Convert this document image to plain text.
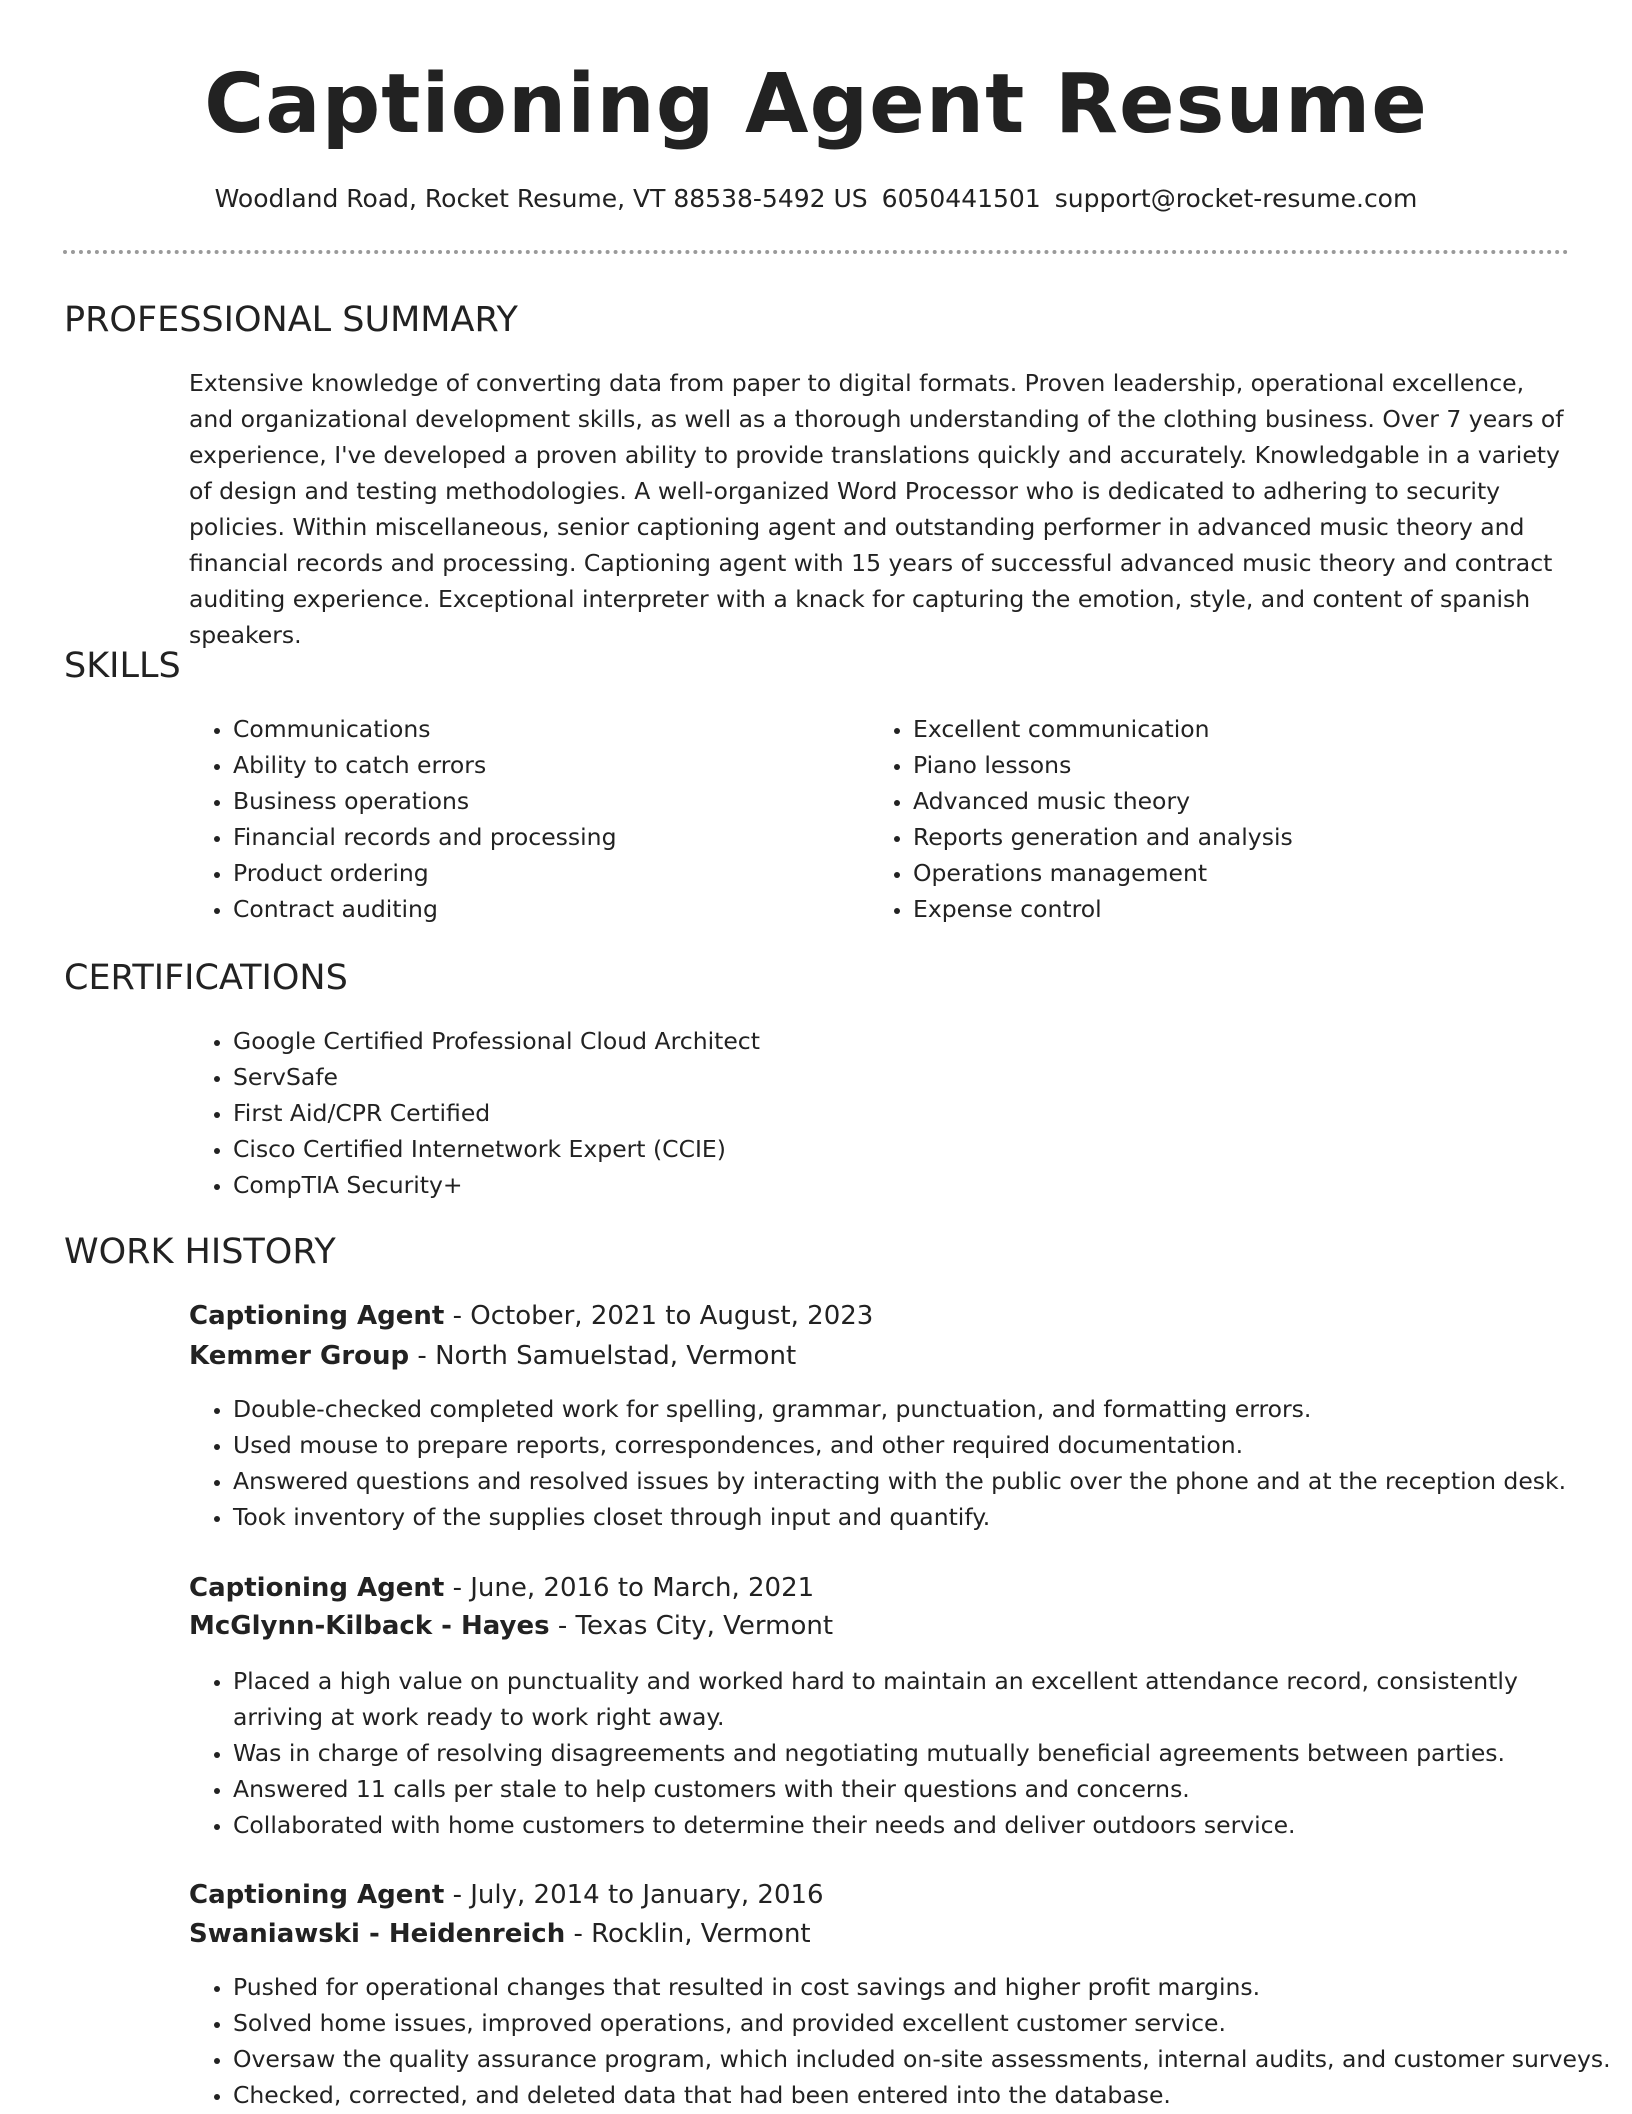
Captioning Agent Resume
Woodland Road, Rocket Resume, VT 88538-5492 US 6050441501 support@rocket-resume.com
PROFESSIONAL SUMMARY

Extensive knowledge of converting data from paper to digital formats. Proven leadership, operational excellence, and organizational development skills, as well as a thorough understanding of the clothing business. Over 7 years of experience, I've developed a proven ability to provide translations quickly and accurately. Knowledgable in a variety of design and testing methodologies. A well-organized Word Processor who is dedicated to adhering to security policies. Within miscellaneous, senior captioning agent and outstanding performer in advanced music theory and financial records and processing. Captioning agent with 15 years of successful advanced music theory and contract auditing experience. Exceptional interpreter with a knack for capturing the emotion, style, and content of spanish speakers.

SKILLS
• Communications
• Ability to catch errors
• Business operations
• Financial records and processing
• Product ordering
• Contract auditing
• Excellent communication
• Piano lessons
• Advanced music theory
• Reports generation and analysis
• Operations management
• Expense control
CERTIFICATIONS
• Google Certified Professional Cloud Architect
• ServSafe
• First Aid/CPR Certified
• Cisco Certified Internetwork Expert (CCIE)
• CompTIA Security+
WORK HISTORY
Captioning Agent - October, 2021 to August, 2023
Kemmer Group - North Samuelstad, Vermont
• Double-checked completed work for spelling, grammar, punctuation, and formatting errors.
• Used mouse to prepare reports, correspondences, and other required documentation.
• Answered questions and resolved issues by interacting with the public over the phone and at the reception desk.
• Took inventory of the supplies closet through input and quantify.
Captioning Agent - June, 2016 to March, 2021
McGlynn-Kilback - Hayes - Texas City, Vermont
• Placed a high value on punctuality and worked hard to maintain an excellent attendance record, consistently arriving at work ready to work right away.
• Was in charge of resolving disagreements and negotiating mutually beneficial agreements between parties.
• Answered 11 calls per stale to help customers with their questions and concerns.
• Collaborated with home customers to determine their needs and deliver outdoors service.
Captioning Agent - July, 2014 to January, 2016
Swaniawski - Heidenreich - Rocklin, Vermont
• Pushed for operational changes that resulted in cost savings and higher profit margins.
• Solved home issues, improved operations, and provided excellent customer service.
• Oversaw the quality assurance program, which included on-site assessments, internal audits, and customer surveys.
• Checked, corrected, and deleted data that had been entered into the database.
